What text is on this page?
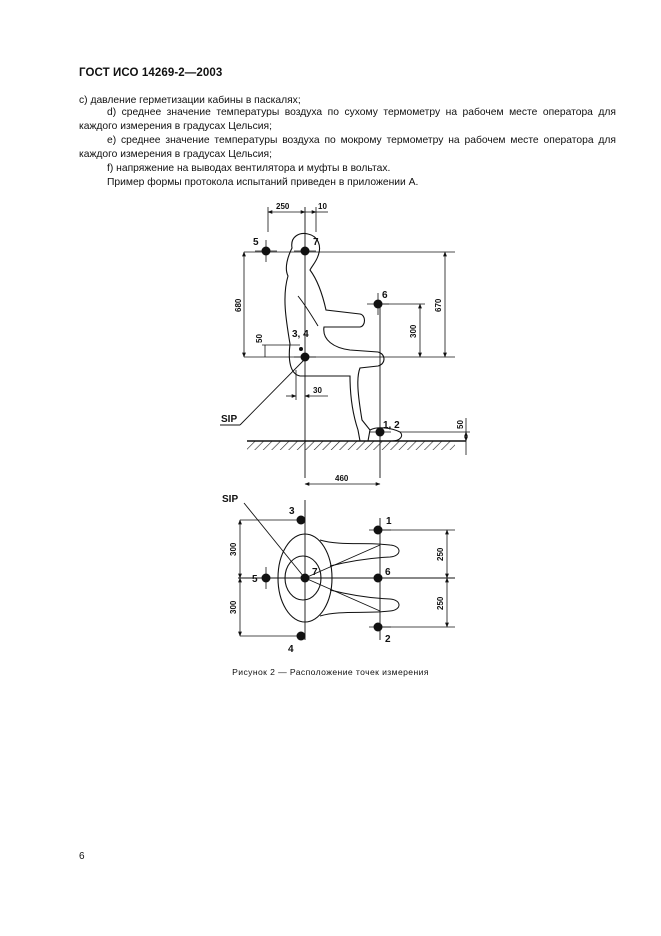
ГОСТ ИСО 14269-2—2003
c) давление герметизации кабины в паскалях;
d) среднее значение температуры воздуха по сухому термометру на рабочем месте оператора для каждого измерения в градусах Цельсия;
e) среднее значение температуры воздуха по мокрому термометру на рабочем месте оператора для каждого измерения в градусах Цельсия;
f) напряжение на выводах вентилятора и муфты в вольтах.
Пример формы протокола испытаний приведен в приложении А.
250	10
5	7
6
3, 4
1, 2
SIP
680
50
670
300
30
50
460
SIP
3
1
5
7	6
2
4
300
300
250
250
Рисунок 2 — Расположение точек измерения
6
